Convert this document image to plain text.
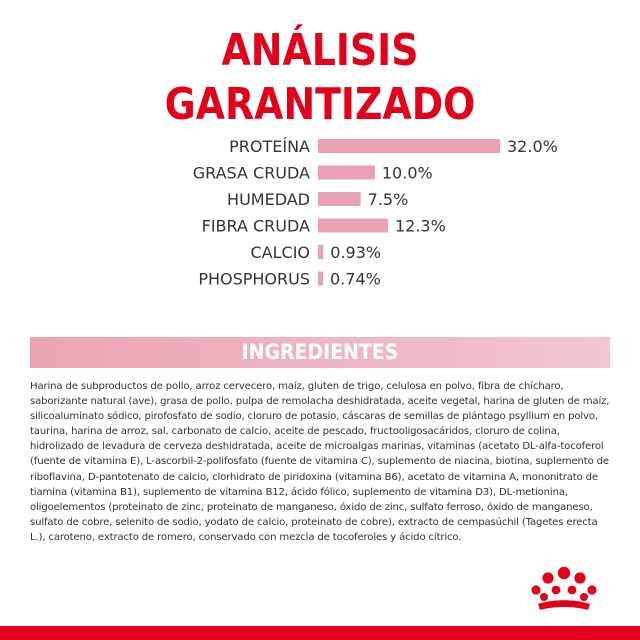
ANÁLISIS
GARANTIZADO
PROTEÍNA	32.0%
GRASA CRUDA	10.0%
HUMEDAD	7.5%
FIBRA CRUDA	12.3%
CALCIO 0.93%
PHOSPHORUS 0.74%
INGREDIENTES
Harina de subproductos de pollo, arroz cervecero, maíz, gluten de trigo, celulosa en polvo, fibra de chícharo, saborizante natural (ave), grasa de pollo, pulpa de remolacha deshidratada, aceite vegetal, harina de gluten de maíz, silicoaluminato sódico, pirofosfato de sodio, cloruro de potasio, cáscaras de semillas de plántago psyllium en polvo, taurina, harina de arroz, sal, carbonato de calcio, aceite de pescado, fructooligosacáridos, cloruro de colina, hidrolizado de levadura de cerveza deshidratada, aceite de microalgas marinas, vitaminas (acetato DL-alfa-tocoferol (fuente de vitamina E), L-ascorbil-2-polifosfato (fuente de vitamina C), suplemento de niacina, biotina, suplemento de riboflavina, D-pantotenato de calcio, clorhidrato de piridoxina (vitamina B6), acetato de vitamina A, mononitrato de tiamina (vitamina B1), suplemento de vitamina B12, ácido fólico, suplemento de vitamina D3), DL-metionina, oligoelementos (proteinato de zinc, proteinato de manganeso, óxido de zinc, sulfato ferroso, óxido de manganeso, sulfato de cobre, selenito de sodio, yodato de calcio, proteinato de cobre), extracto de cempasúchil (Tagetes erecta L.), caroteno, extracto de romero, conservado con mezcla de tocoferoles y ácido cítrico.
